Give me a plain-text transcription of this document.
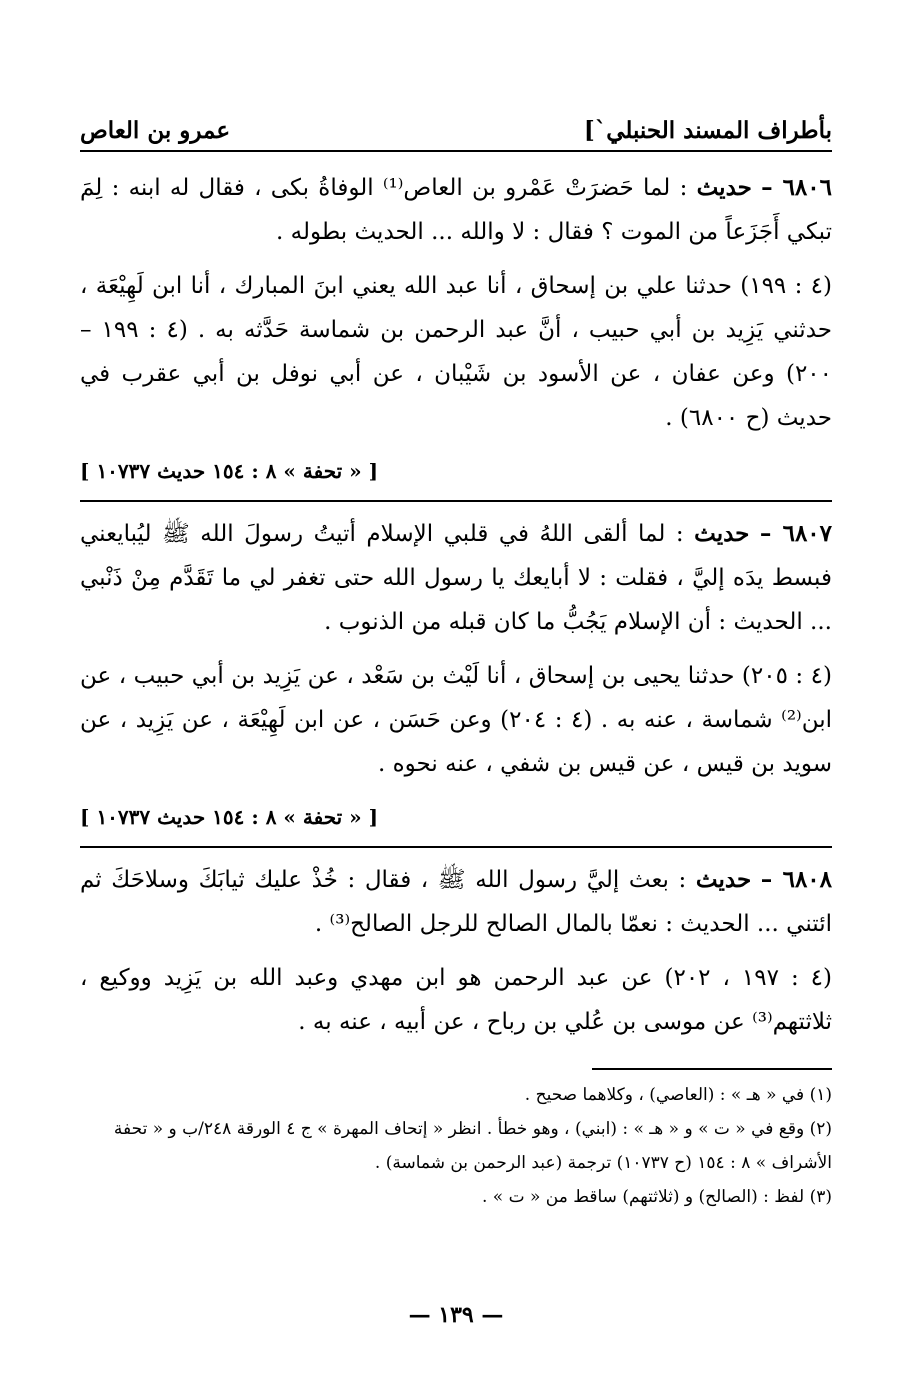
بأطراف المسند الحنبلي`]
عمرو بن العاص
٦٨٠٦ – حديث : لما حَضرَتْ عَمْرو بن العاص⁽¹⁾ الوفاةُ بكى ، فقال له ابنه : لِمَ تبكي أَجَزَعاً من الموت ؟ فقال : لا والله ... الحديث بطوله .
(٤ : ١٩٩) حدثنا علي بن إسحاق ، أنا عبد الله يعني ابنَ المبارك ، أنا ابن لَهِيْعَة ، حدثني يَزِيد بن أبي حبيب ، أنَّ عبد الرحمن بن شماسة حَدَّثه به . (٤ : ١٩٩ – ٢٠٠) وعن عفان ، عن الأسود بن شَيْبان ، عن أبي نوفل بن أبي عقرب في حديث (ح ٦٨٠٠) .
[ « تحفة » ٨ : ١٥٤ حديث ١٠٧٣٧ ]
٦٨٠٧ – حديث : لما ألقى اللهُ في قلبي الإسلام أتيتُ رسولَ الله ﷺ ليُبايعني فبسط يدَه إليَّ ، فقلت : لا أبايعك يا رسول الله حتى تغفر لي ما تَقَدَّم مِنْ ذَنْبي ... الحديث : أن الإسلام يَجُبُّ ما كان قبله من الذنوب .
(٤ : ٢٠٥) حدثنا يحيى بن إسحاق ، أنا لَيْث بن سَعْد ، عن يَزِيد بن أبي حبيب ، عن ابن⁽²⁾ شماسة ، عنه به . (٤ : ٢٠٤) وعن حَسَن ، عن ابن لَهِيْعَة ، عن يَزِيد ، عن سويد بن قيس ، عن قيس بن شفي ، عنه نحوه .
[ « تحفة » ٨ : ١٥٤ حديث ١٠٧٣٧ ]
٦٨٠٨ – حديث : بعث إليَّ رسول الله ﷺ ، فقال : خُذْ عليك ثيابَكَ وسلاحَكَ ثم ائتني ... الحديث : نعمّا بالمال الصالح للرجل الصالح⁽³⁾ .
(٤ : ١٩٧ ، ٢٠٢) عن عبد الرحمن هو ابن مهدي وعبد الله بن يَزِيد ووكيع ، ثلاثتهم⁽³⁾ عن موسى بن عُلي بن رباح ، عن أبيه ، عنه به .
(١) في « هـ » : (العاصي) ، وكلاهما صحيح .
(٢) وقع في « ت » و « هـ » : (ابني) ، وهو خطأ . انظر « إتحاف المهرة » ج ٤ الورقة ٢٤٨/ب و « تحفة الأشراف » ٨ : ١٥٤ (ح ١٠٧٣٧) ترجمة (عبد الرحمن بن شماسة) .
(٣) لفظ : (الصالح) و (ثلاثتهم) ساقط من « ت » .
— ١٣٩ —
